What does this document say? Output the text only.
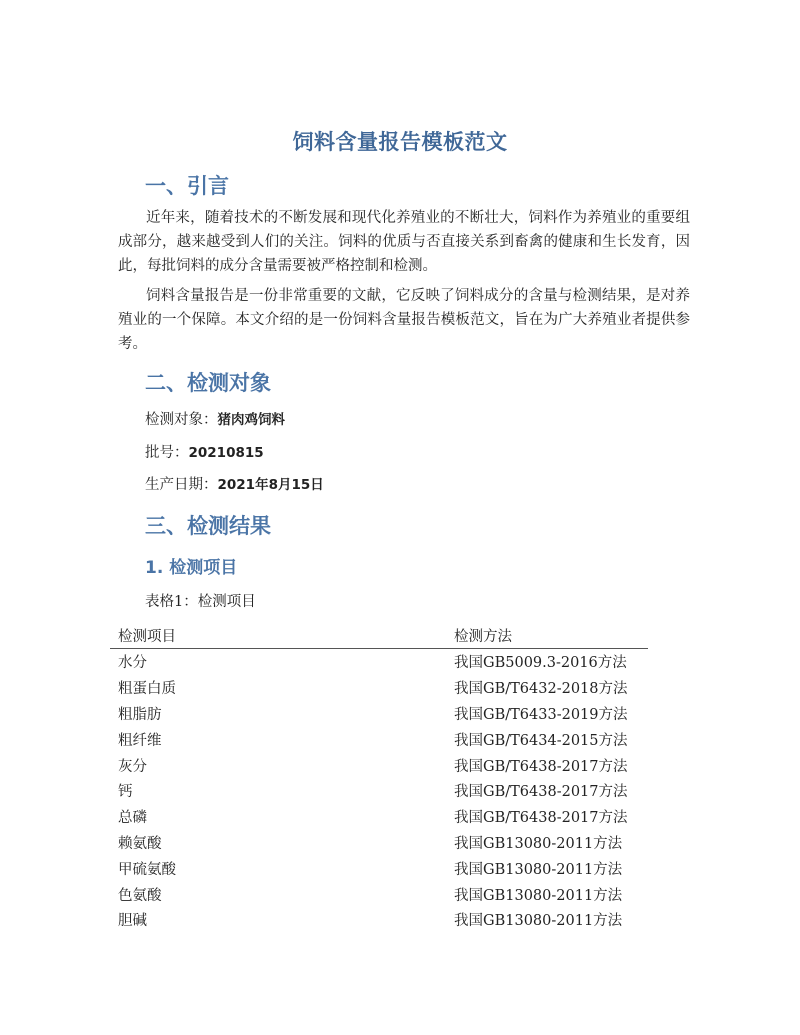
饲料含量报告模板范文
一、引言

近年来，随着技术的不断发展和现代化养殖业的不断壮大，饲料作为养殖业的重要组成部分，越来越受到人们的关注。饲料的优质与否直接关系到畜禽的健康和生长发育，因此，每批饲料的成分含量需要被严格控制和检测。

饲料含量报告是一份非常重要的文献，它反映了饲料成分的含量与检测结果，是对养殖业的一个保障。本文介绍的是一份饲料含量报告模板范文，旨在为广大养殖业者提供参考。

二、检测对象
检测对象：猪肉鸡饲料
批号：20210815
生产日期：2021年8月15日
三、检测结果
1. 检测项目
表格1：检测项目
检测项目	检测方法
水分	我国GB5009.3-2016方法
粗蛋白质	我国GB/T6432-2018方法
粗脂肪	我国GB/T6433-2019方法
粗纤维	我国GB/T6434-2015方法
灰分	我国GB/T6438-2017方法
钙	我国GB/T6438-2017方法
总磷	我国GB/T6438-2017方法
赖氨酸	我国GB13080-2011方法
甲硫氨酸	我国GB13080-2011方法
色氨酸	我国GB13080-2011方法
胆碱	我国GB13080-2011方法
